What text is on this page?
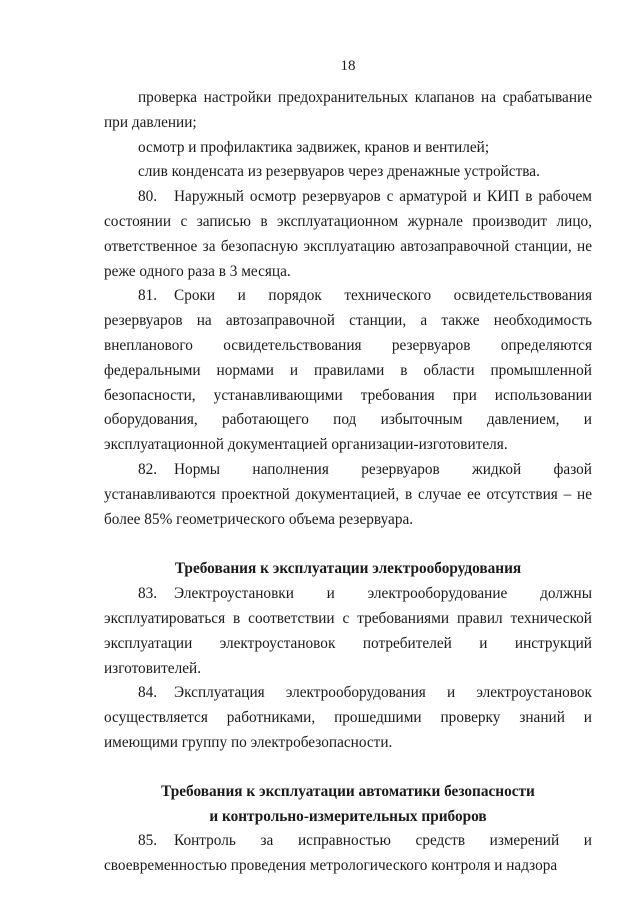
18

проверка настройки предохранительных клапанов на срабатывание при давлении;

осмотр и профилактика задвижек, кранов и вентилей;

слив конденсата из резервуаров через дренажные устройства.

80. Наружный осмотр резервуаров с арматурой и КИП в рабочем состоянии с записью в эксплуатационном журнале производит лицо, ответственное за безопасную эксплуатацию автозаправочной станции, не реже одного раза в 3 месяца.

81. Сроки и порядок технического освидетельствования резервуаров на автозаправочной станции, а также необходимость внепланового освидетельствования резервуаров определяются федеральными нормами и правилами в области промышленной безопасности, устанавливающими требования при использовании оборудования, работающего под избыточным давлением, и эксплуатационной документацией организации-изготовителя.

82. Нормы наполнения резервуаров жидкой фазой устанавливаются проектной документацией, в случае ее отсутствия – не более 85% геометрического объема резервуара.

Требования к эксплуатации электрооборудования

83. Электроустановки и электрооборудование должны эксплуатироваться в соответствии с требованиями правил технической эксплуатации электроустановок потребителей и инструкций изготовителей.

84. Эксплуатация электрооборудования и электроустановок осуществляется работниками, прошедшими проверку знаний и имеющими группу по электробезопасности.

Требования к эксплуатации автоматики безопасности

и контрольно-измерительных приборов

85. Контроль за исправностью средств измерений и своевременностью проведения метрологического контроля и надзора
